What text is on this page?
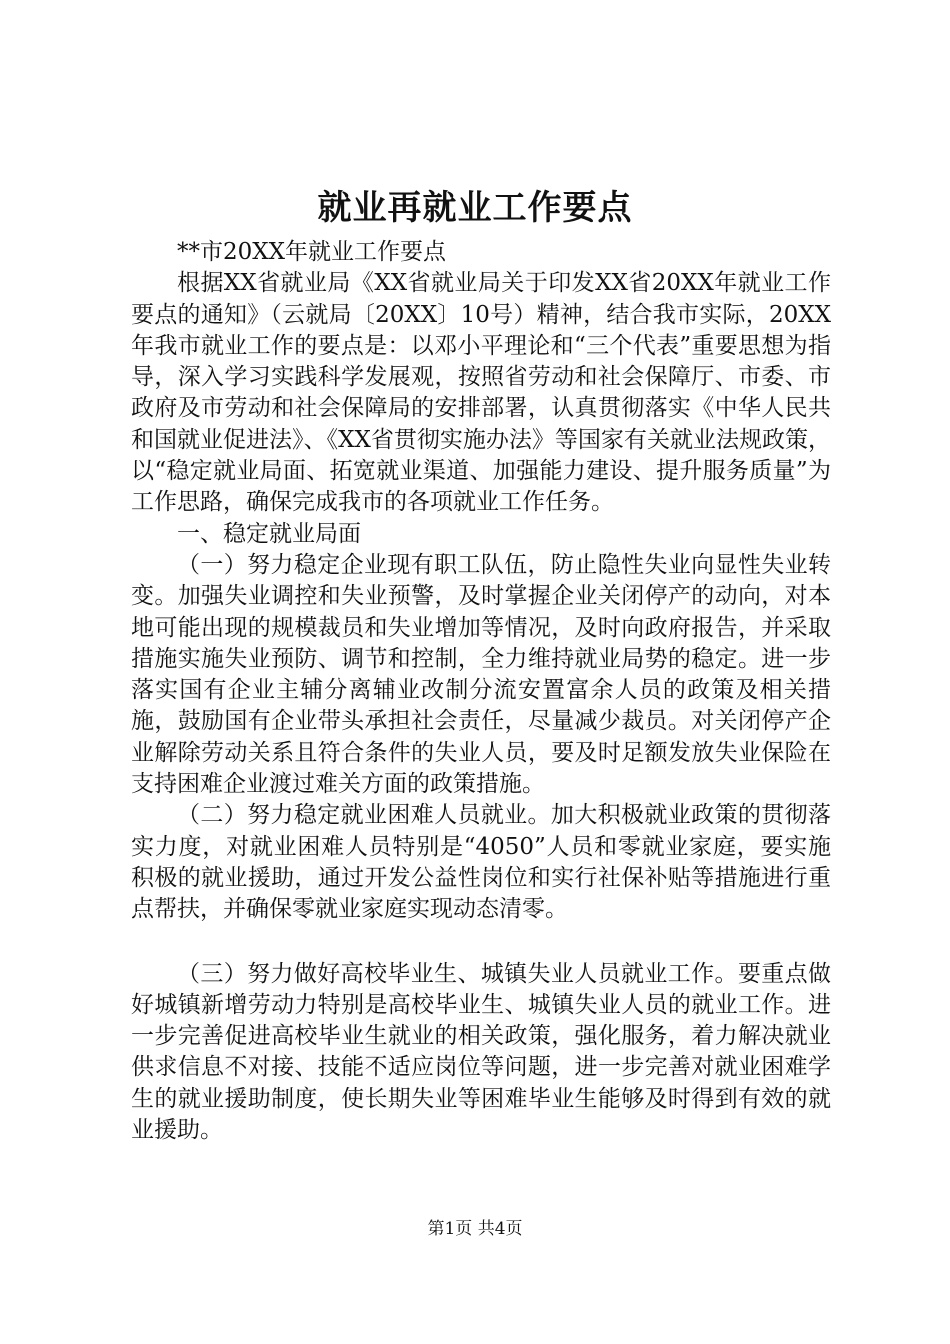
就业再就业工作要点

**市20XX年就业工作要点

根据XX省就业局《XX省就业局关于印发XX省20XX年就业工作要点的通知》（云就局〔20XX〕10号）精神，结合我市实际，20XX年我市就业工作的要点是：以邓小平理论和“三个代表”重要思想为指导，深入学习实践科学发展观，按照省劳动和社会保障厅、市委、市政府及市劳动和社会保障局的安排部署，认真贯彻落实《中华人民共和国就业促进法》、《XX省贯彻实施办法》等国家有关就业法规政策，以“稳定就业局面、拓宽就业渠道、加强能力建设、提升服务质量”为工作思路，确保完成我市的各项就业工作任务。

一、稳定就业局面

（一）努力稳定企业现有职工队伍，防止隐性失业向显性失业转变。加强失业调控和失业预警，及时掌握企业关闭停产的动向，对本地可能出现的规模裁员和失业增加等情况，及时向政府报告，并采取措施实施失业预防、调节和控制，全力维持就业局势的稳定。进一步落实国有企业主辅分离辅业改制分流安置富余人员的政策及相关措施，鼓励国有企业带头承担社会责任，尽量减少裁员。对关闭停产企业解除劳动关系且符合条件的失业人员，要及时足额发放失业保险在支持困难企业渡过难关方面的政策措施。

（二）努力稳定就业困难人员就业。加大积极就业政策的贯彻落实力度，对就业困难人员特别是“4050”人员和零就业家庭，要实施积极的就业援助，通过开发公益性岗位和实行社保补贴等措施进行重点帮扶，并确保零就业家庭实现动态清零。

（三）努力做好高校毕业生、城镇失业人员就业工作。要重点做好城镇新增劳动力特别是高校毕业生、城镇失业人员的就业工作。进一步完善促进高校毕业生就业的相关政策，强化服务，着力解决就业供求信息不对接、技能不适应岗位等问题，进一步完善对就业困难学生的就业援助制度，使长期失业等困难毕业生能够及时得到有效的就业援助。

第1页 共4页
